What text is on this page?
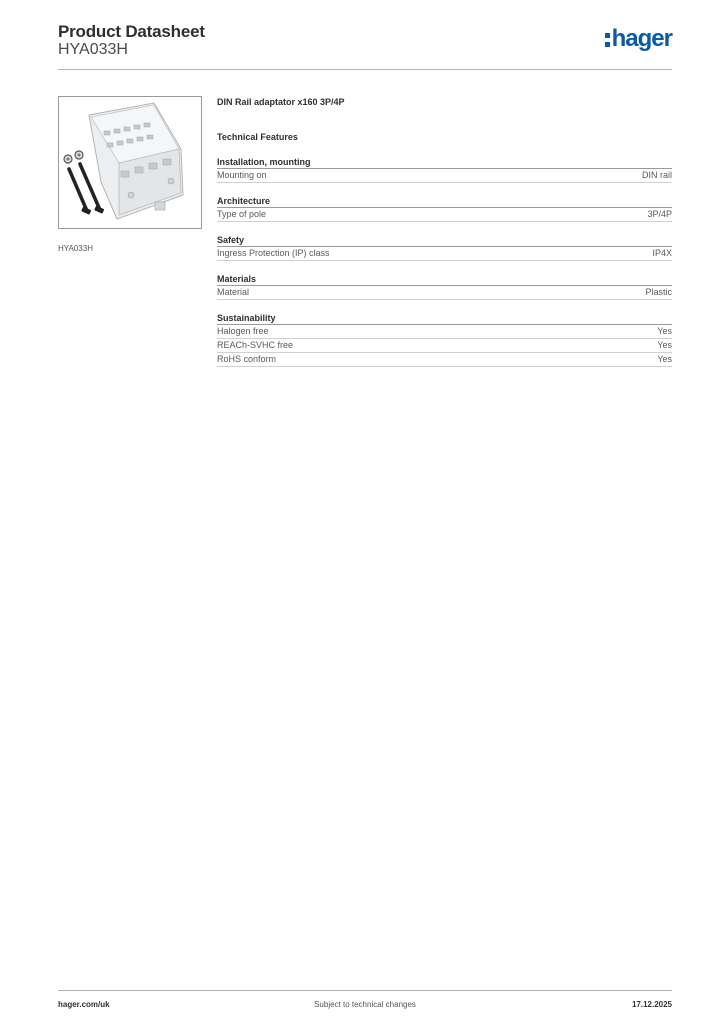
Product Datasheet
HYA033H	hager
HYA033H
DIN Rail adaptator x160 3P/4P
Technical Features
Installation, mounting
Mounting on	DIN rail
Architecture
Type of pole	3P/4P
Safety
Ingress Protection (IP) class	IP4X
Materials
Material	Plastic
Sustainability
Halogen free	Yes
REACh-SVHC free	Yes
RoHS conform	Yes
hager.com/uk	Subject to technical changes	17.12.2025
